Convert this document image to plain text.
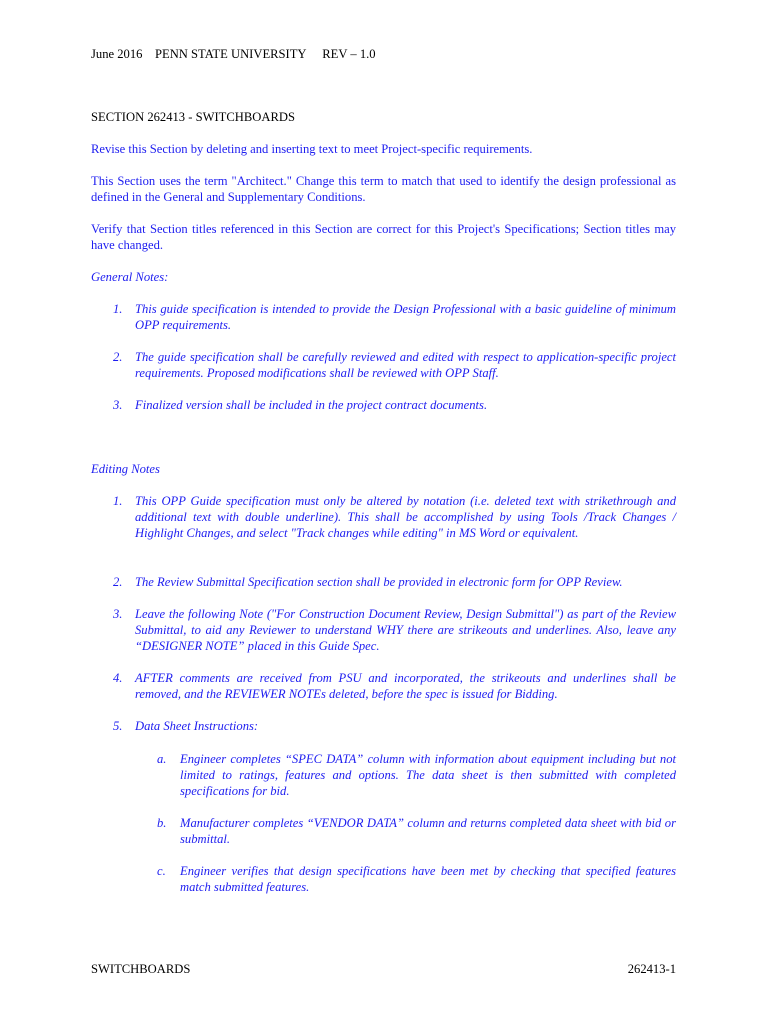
June 2016 PENN STATE UNIVERSITY REV – 1.0
SECTION 262413 - SWITCHBOARDS
Revise this Section by deleting and inserting text to meet Project-specific requirements.
This Section uses the term "Architect." Change this term to match that used to identify the design professional as defined in the General and Supplementary Conditions.
Verify that Section titles referenced in this Section are correct for this Project's Specifications; Section titles may have changed.
General Notes:
1. This guide specification is intended to provide the Design Professional with a basic guideline of minimum OPP requirements.
2. The guide specification shall be carefully reviewed and edited with respect to application-specific project requirements. Proposed modifications shall be reviewed with OPP Staff.
3. Finalized version shall be included in the project contract documents.
Editing Notes
1. This OPP Guide specification must only be altered by notation (i.e. deleted text with strikethrough and additional text with double underline). This shall be accomplished by using Tools /Track Changes / Highlight Changes, and select "Track changes while editing" in MS Word or equivalent.
2. The Review Submittal Specification section shall be provided in electronic form for OPP Review.
3. Leave the following Note ("For Construction Document Review, Design Submittal") as part of the Review Submittal, to aid any Reviewer to understand WHY there are strikeouts and underlines. Also, leave any “DESIGNER NOTE” placed in this Guide Spec.
4. AFTER comments are received from PSU and incorporated, the strikeouts and underlines shall be removed, and the REVIEWER NOTEs deleted, before the spec is issued for Bidding.
5. Data Sheet Instructions:
a. Engineer completes “SPEC DATA” column with information about equipment including but not limited to ratings, features and options. The data sheet is then submitted with completed specifications for bid.
b. Manufacturer completes “VENDOR DATA” column and returns completed data sheet with bid or submittal.
c. Engineer verifies that design specifications have been met by checking that specified features match submitted features.
SWITCHBOARDS	262413-1
